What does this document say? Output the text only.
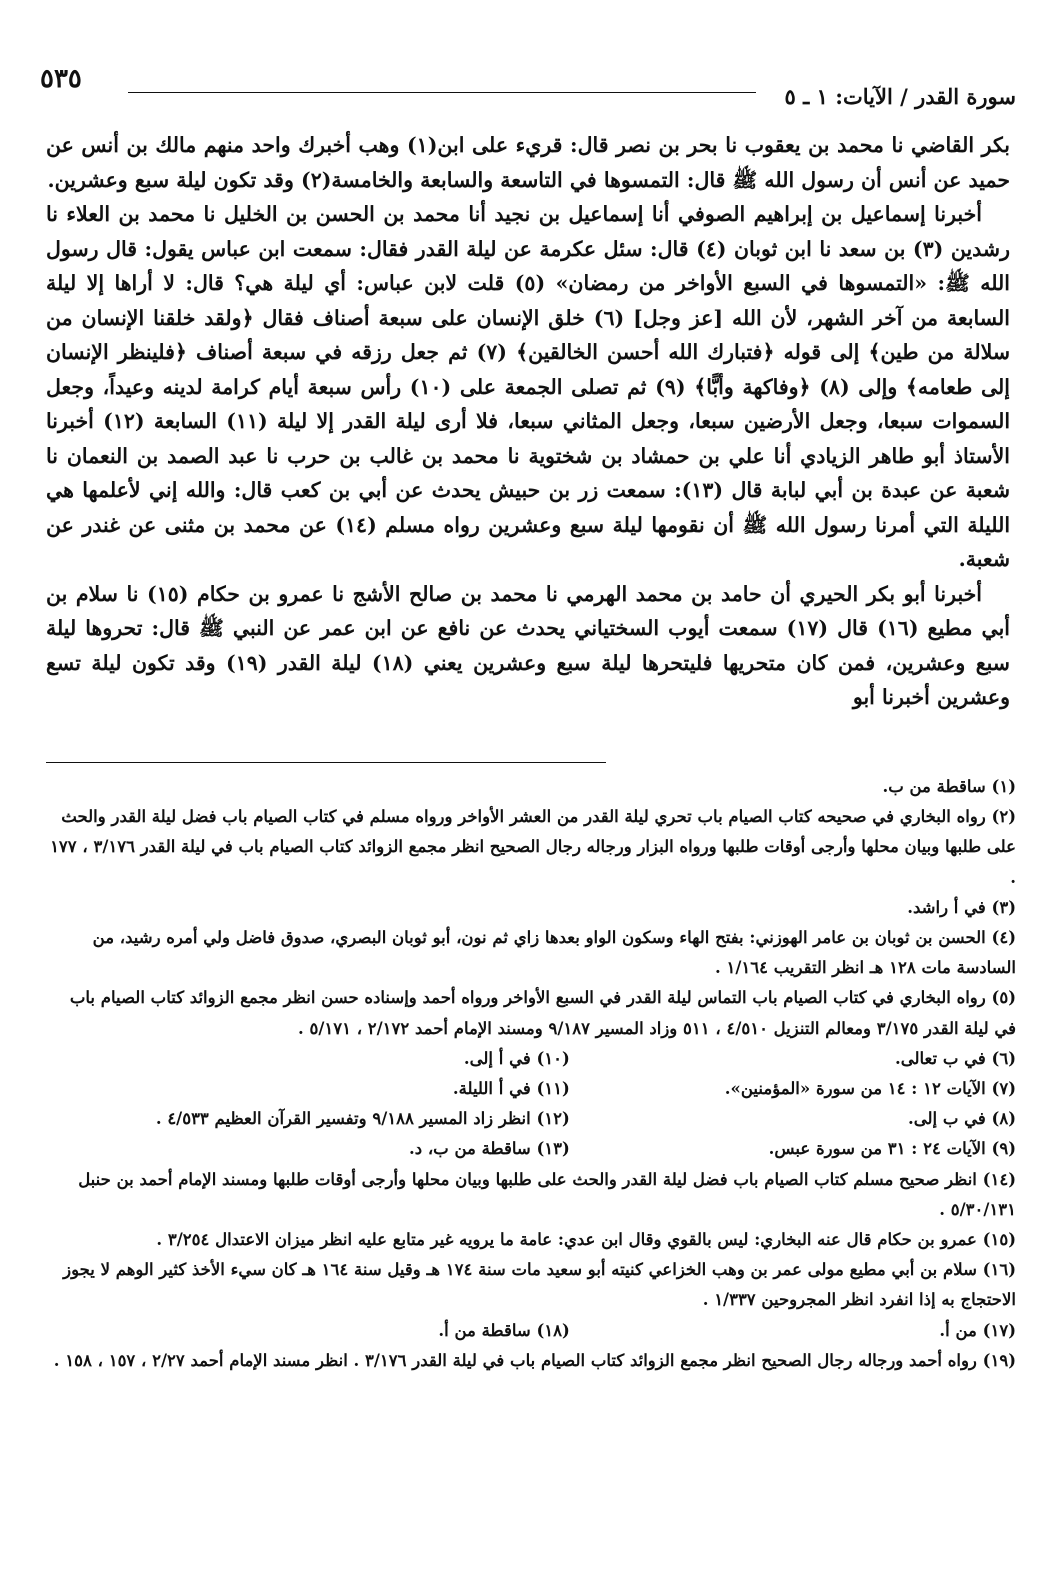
٥٣٥
سورة القدر / الآيات: ١ ـ ٥

بكر القاضي نا محمد بن يعقوب نا بحر بن نصر قال: قريء على ابن(١) وهب أخبرك واحد منهم مالك بن أنس عن حميد عن أنس أن رسول الله ﷺ قال: التمسوها في التاسعة والسابعة والخامسة(٢) وقد تكون ليلة سبع وعشرين.

أخبرنا إسماعيل بن إبراهيم الصوفي أنا إسماعيل بن نجيد أنا محمد بن الحسن بن الخليل نا محمد بن العلاء نا رشدين (٣) بن سعد نا ابن ثوبان (٤) قال: سئل عكرمة عن ليلة القدر فقال: سمعت ابن عباس يقول: قال رسول الله ﷺ: «التمسوها في السبع الأواخر من رمضان» (٥) قلت لابن عباس: أي ليلة هي؟ قال: لا أراها إلا ليلة السابعة من آخر الشهر، لأن الله [عز وجل] (٦) خلق الإنسان على سبعة أصناف فقال ﴿ولقد خلقنا الإنسان من سلالة من طين﴾ إلى قوله ﴿فتبارك الله أحسن الخالقين﴾ (٧) ثم جعل رزقه في سبعة أصناف ﴿فلينظر الإنسان إلى طعامه﴾ وإلى (٨) ﴿وفاكهة وأبًّا﴾ (٩) ثم تصلى الجمعة على (١٠) رأس سبعة أيام كرامة لدينه وعيداً، وجعل السموات سبعا، وجعل الأرضين سبعا، وجعل المثاني سبعا، فلا أرى ليلة القدر إلا ليلة (١١) السابعة (١٢) أخبرنا الأستاذ أبو طاهر الزيادي أنا علي بن حمشاد بن شختوية نا محمد بن غالب بن حرب نا عبد الصمد بن النعمان نا شعبة عن عبدة بن أبي لبابة قال (١٣): سمعت زر بن حبيش يحدث عن أبي بن كعب قال: والله إني لأعلمها هي الليلة التي أمرنا رسول الله ﷺ أن نقومها ليلة سبع وعشرين رواه مسلم (١٤) عن محمد بن مثنى عن غندر عن شعبة.

أخبرنا أبو بكر الحيري أن حامد بن محمد الهرمي نا محمد بن صالح الأشج نا عمرو بن حكام (١٥) نا سلام بن أبي مطيع (١٦) قال (١٧) سمعت أيوب السختياني يحدث عن نافع عن ابن عمر عن النبي ﷺ قال: تحروها ليلة سبع وعشرين، فمن كان متحريها فليتحرها ليلة سبع وعشرين يعني (١٨) ليلة القدر (١٩) وقد تكون ليلة تسع وعشرين أخبرنا أبو

(١) ساقطة من ب.

(٢) رواه البخاري في صحيحه كتاب الصيام باب تحري ليلة القدر من العشر الأواخر ورواه مسلم في كتاب الصيام باب فضل ليلة القدر والحث على طلبها وبيان محلها وأرجى أوقات طلبها ورواه البزار ورجاله رجال الصحيح انظر مجمع الزوائد كتاب الصيام باب في ليلة القدر ٣/١٧٦ ، ١٧٧ .

(٣) في أ راشد.

(٤) الحسن بن ثوبان بن عامر الهوزني: بفتح الهاء وسكون الواو بعدها زاي ثم نون، أبو ثوبان البصري، صدوق فاضل ولي أمره رشيد، من السادسة مات ١٢٨ هـ انظر التقريب ١/١٦٤ .

(٥) رواه البخاري في كتاب الصيام باب التماس ليلة القدر في السبع الأواخر ورواه أحمد وإسناده حسن انظر مجمع الزوائد كتاب الصيام باب في ليلة القدر ٣/١٧٥ ومعالم التنزيل ٤/٥١٠ ، ٥١١ وزاد المسير ٩/١٨٧ ومسند الإمام أحمد ٢/١٧٢ ، ٥/١٧١ .

(٦) في ب تعالى.

(٧) الآيات ١٢ : ١٤ من سورة «المؤمنين».

(٨) في ب إلى.

(٩) الآيات ٢٤ : ٣١ من سورة عبس.

(١٠) في أ إلى.

(١١) في أ الليلة.

(١٢) انظر زاد المسير ٩/١٨٨ وتفسير القرآن العظيم ٤/٥٣٣ .

(١٣) ساقطة من ب، د.

(١٤) انظر صحيح مسلم كتاب الصيام باب فضل ليلة القدر والحث على طلبها وبيان محلها وأرجى أوقات طلبها ومسند الإمام أحمد بن حنبل ٥/٣٠/١٣١ .

(١٥) عمرو بن حكام قال عنه البخاري: ليس بالقوي وقال ابن عدي: عامة ما يرويه غير متابع عليه انظر ميزان الاعتدال ٣/٢٥٤ .

(١٦) سلام بن أبي مطيع مولى عمر بن وهب الخزاعي كنيته أبو سعيد مات سنة ١٧٤ هـ وقيل سنة ١٦٤ هـ كان سيء الأخذ كثير الوهم لا يجوز الاحتجاج به إذا انفرد انظر المجروحين ١/٣٣٧ .

(١٧) من أ.

(١٨) ساقطة من أ.

(١٩) رواه أحمد ورجاله رجال الصحيح انظر مجمع الزوائد كتاب الصيام باب في ليلة القدر ٣/١٧٦ . انظر مسند الإمام أحمد ٢/٢٧ ، ١٥٧ ، ١٥٨ .
